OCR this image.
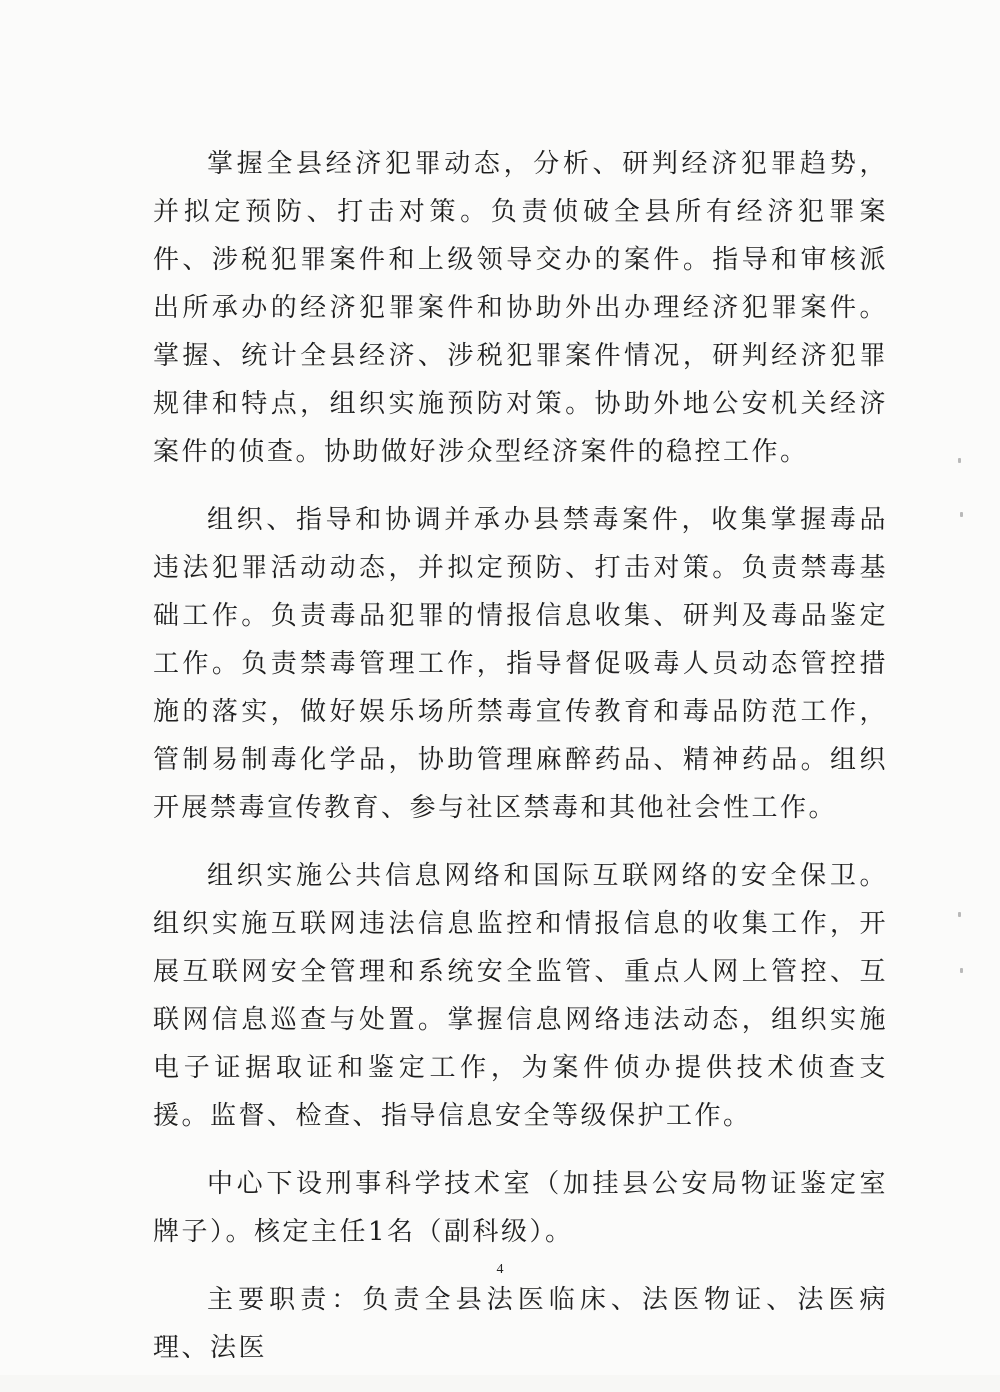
掌握全县经济犯罪动态，分析、研判经济犯罪趋势，并拟定预防、打击对策。负责侦破全县所有经济犯罪案件、涉税犯罪案件和上级领导交办的案件。指导和审核派出所承办的经济犯罪案件和协助外出办理经济犯罪案件。掌握、统计全县经济、涉税犯罪案件情况，研判经济犯罪规律和特点，组织实施预防对策。协助外地公安机关经济案件的侦查。协助做好涉众型经济案件的稳控工作。

组织、指导和协调并承办县禁毒案件，收集掌握毒品违法犯罪活动动态，并拟定预防、打击对策。负责禁毒基础工作。负责毒品犯罪的情报信息收集、研判及毒品鉴定工作。负责禁毒管理工作，指导督促吸毒人员动态管控措施的落实，做好娱乐场所禁毒宣传教育和毒品防范工作，管制易制毒化学品，协助管理麻醉药品、精神药品。组织开展禁毒宣传教育、参与社区禁毒和其他社会性工作。

组织实施公共信息网络和国际互联网络的安全保卫。组织实施互联网违法信息监控和情报信息的收集工作，开展互联网安全管理和系统安全监管、重点人网上管控、互联网信息巡查与处置。掌握信息网络违法动态，组织实施电子证据取证和鉴定工作，为案件侦办提供技术侦查支援。监督、检查、指导信息安全等级保护工作。

中心下设刑事科学技术室（加挂县公安局物证鉴定室牌子）。核定主任1名（副科级）。

主要职责：负责全县法医临床、法医物证、法医病理、法医

4
